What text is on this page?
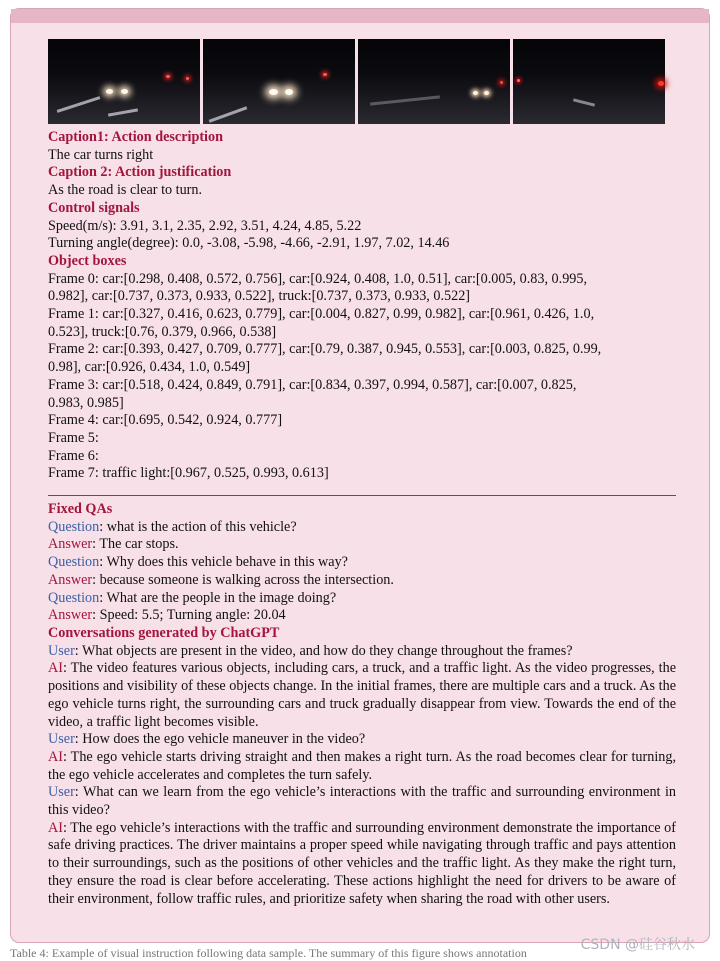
Caption1: Action description

The car turns right

Caption 2: Action justification

As the road is clear to turn.

Control signals

Speed(m/s): 3.91, 3.1, 2.35, 2.92, 3.51, 4.24, 4.85, 5.22

Turning angle(degree): 0.0, -3.08, -5.98, -4.66, -2.91, 1.97, 7.02, 14.46

Object boxes

Frame 0: car:[0.298, 0.408, 0.572, 0.756], car:[0.924, 0.408, 1.0, 0.51], car:[0.005, 0.83, 0.995,

0.982], car:[0.737, 0.373, 0.933, 0.522], truck:[0.737, 0.373, 0.933, 0.522]

Frame 1: car:[0.327, 0.416, 0.623, 0.779], car:[0.004, 0.827, 0.99, 0.982], car:[0.961, 0.426, 1.0,

0.523], truck:[0.76, 0.379, 0.966, 0.538]

Frame 2: car:[0.393, 0.427, 0.709, 0.777], car:[0.79, 0.387, 0.945, 0.553], car:[0.003, 0.825, 0.99,

0.98], car:[0.926, 0.434, 1.0, 0.549]

Frame 3: car:[0.518, 0.424, 0.849, 0.791], car:[0.834, 0.397, 0.994, 0.587], car:[0.007, 0.825,

0.983, 0.985]

Frame 4: car:[0.695, 0.542, 0.924, 0.777]

Frame 5:

Frame 6:

Frame 7: traffic light:[0.967, 0.525, 0.993, 0.613]

Fixed QAs

Question: what is the action of this vehicle?

Answer: The car stops.

Question: Why does this vehicle behave in this way?

Answer: because someone is walking across the intersection.

Question: What are the people in the image doing?

Answer: Speed: 5.5; Turning angle: 20.04

Conversations generated by ChatGPT

User: What objects are present in the video, and how do they change throughout the frames?

AI: The video features various objects, including cars, a truck, and a traffic light. As the video progresses, the positions and visibility of these objects change. In the initial frames, there are multiple cars and a truck. As the ego vehicle turns right, the surrounding cars and truck gradually disappear from view. Towards the end of the video, a traffic light becomes visible.

User: How does the ego vehicle maneuver in the video?

AI: The ego vehicle starts driving straight and then makes a right turn. As the road becomes clear for turning, the ego vehicle accelerates and completes the turn safely.

User: What can we learn from the ego vehicle’s interactions with the traffic and surrounding environment in this video?

AI: The ego vehicle’s interactions with the traffic and surrounding environment demonstrate the importance of safe driving practices. The driver maintains a proper speed while navigating through traffic and pays attention to their surroundings, such as the positions of other vehicles and the traffic light. As they make the right turn, they ensure the road is clear before accelerating. These actions highlight the need for drivers to be aware of their environment, follow traffic rules, and prioritize safety when sharing the road with other users.

CSDN @硅谷秋水
Table 4: Example of visual instruction following data sample. The summary of this figure shows annotation
